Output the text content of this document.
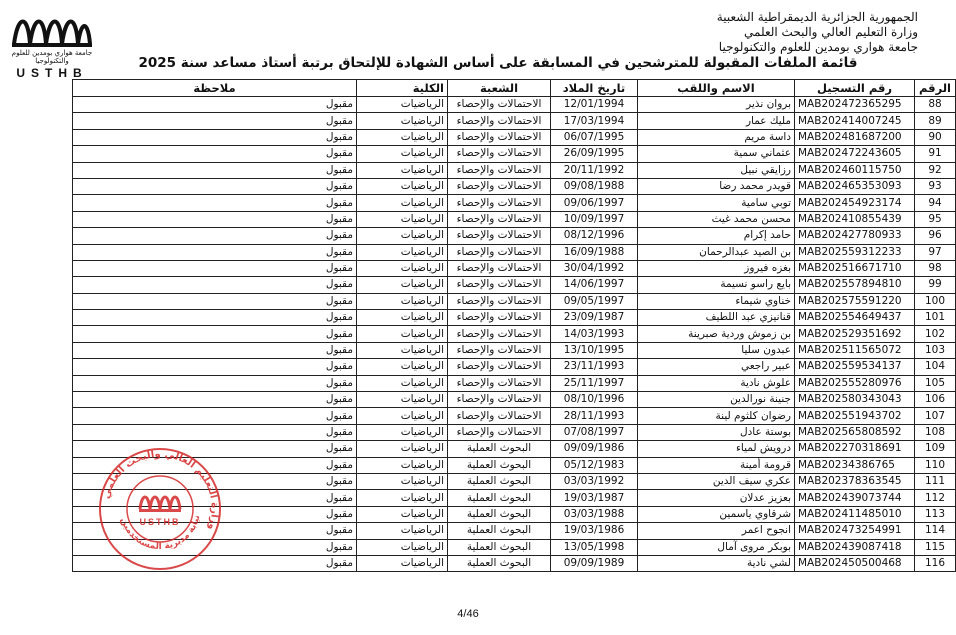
جامعة هواري بومدين للعلوم والتكنولوجيا
USTHB
الجمهورية الجزائرية الديمقراطية الشعبية
وزارة التعليم العالي والبحث العلمي
جامعة هواري بومدين للعلوم والتكنولوجيا
قائمة الملفات المقبولة للمترشحين في المسابقة على أساس الشهادة للإلتحاق برتبة أستاذ مساعد سنة 2025
الرقم	رقم التسجيل	الاسم واللقب	تاريخ الملاد	الشعبة	الكلية	ملاحظة
88	MAB202472365295	بروان نذير	12/01/1994	الاحتمالات والإحصاء	الرياضيات	مقبول
89	MAB202414007245	مليك عمار	17/03/1994	الاحتمالات والإحصاء	الرياضيات	مقبول
90	MAB202481687200	داسة مريم	06/07/1995	الاحتمالات والإحصاء	الرياضيات	مقبول
91	MAB202472243605	عثماني سمية	26/09/1995	الاحتمالات والإحصاء	الرياضيات	مقبول
92	MAB202460115750	رزايقي نبيل	20/11/1992	الاحتمالات والإحصاء	الرياضيات	مقبول
93	MAB202465353093	قويدر محمد رضا	09/08/1988	الاحتمالات والإحصاء	الرياضيات	مقبول
94	MAB202454923174	توبي سامية	09/06/1997	الاحتمالات والإحصاء	الرياضيات	مقبول
95	MAB202410855439	محسن محمد غيث	10/09/1997	الاحتمالات والإحصاء	الرياضيات	مقبول
96	MAB202427780933	حامد إكرام	08/12/1996	الاحتمالات والإحصاء	الرياضيات	مقبول
97	MAB202559312233	بن الصيد عبدالرحمان	16/09/1988	الاحتمالات والإحصاء	الرياضيات	مقبول
98	MAB202516671710	بغزه فيروز	30/04/1992	الاحتمالات والإحصاء	الرياضيات	مقبول
99	MAB202557894810	بايع راسو نسيمة	14/06/1997	الاحتمالات والإحصاء	الرياضيات	مقبول
100	MAB202575591220	خناوي شيماء	09/05/1997	الاحتمالات والإحصاء	الرياضيات	مقبول
101	MAB202554649437	قنانيزي عبد اللطيف	23/09/1987	الاحتمالات والإحصاء	الرياضيات	مقبول
102	MAB202529351692	بن زموش وردية صبرينة	14/03/1993	الاحتمالات والإحصاء	الرياضيات	مقبول
103	MAB202511565072	عبدون سليا	13/10/1995	الاحتمالات والإحصاء	الرياضيات	مقبول
104	MAB202559534137	عبير راجعي	23/11/1993	الاحتمالات والإحصاء	الرياضيات	مقبول
105	MAB202555280976	علوش نادية	25/11/1997	الاحتمالات والإحصاء	الرياضيات	مقبول
106	MAB202580343043	جنينة نورالدين	08/10/1996	الاحتمالات والإحصاء	الرياضيات	مقبول
107	MAB202551943702	رضوان كلثوم لينة	28/11/1993	الاحتمالات والإحصاء	الرياضيات	مقبول
108	MAB202565808592	بوستة عادل	07/08/1997	الاحتمالات والإحصاء	الرياضيات	مقبول
109	MAB202270318691	درويش لمياء	09/09/1986	البحوث العملية	الرياضيات	مقبول
110	MAB20234386765	قرومة أمينة	05/12/1983	البحوث العملية	الرياضيات	مقبول
111	MAB202378363545	عكري سيف الدين	03/03/1992	البحوث العملية	الرياضيات	مقبول
112	MAB202439073744	بعزيز عدلان	19/03/1987	البحوث العملية	الرياضيات	مقبول
113	MAB202411485010	شرقاوي ياسمين	03/03/1988	البحوث العملية	الرياضيات	مقبول
114	MAB202473254991	انجوح اعمر	19/03/1986	البحوث العملية	الرياضيات	مقبول
115	MAB202439087418	بوبكر مروى آمال	13/05/1998	البحوث العملية	الرياضيات	مقبول
116	MAB202450500468	لشي نادية	09/09/1989	البحوث العملية	الرياضيات	مقبول
وزارة التعليم العالي والبحث العلمي
نيابة مديرية المستخدمين
USTHB
4/46
